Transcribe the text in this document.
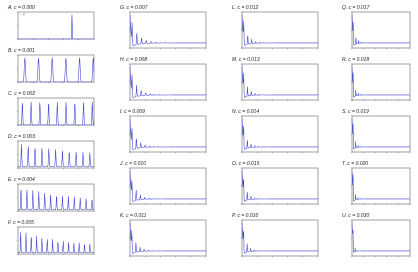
A. c = 0.000
--- P
B. c = 0.001
C. c = 0.002
D. c = 0.003
E. c = 0.004
F. c = 0.005
G. c = 0.007
H. c = 0.008
I. c = 0.009
J. c = 0.010
K. c = 0.011
L. c = 0.012
M. c = 0.013
N. c = 0.014
O. c = 0.015
P. c = 0.016
Q. c = 0.017
R. c = 0.018
S. c = 0.019
T. c = 0.020
U. c = 0.030
